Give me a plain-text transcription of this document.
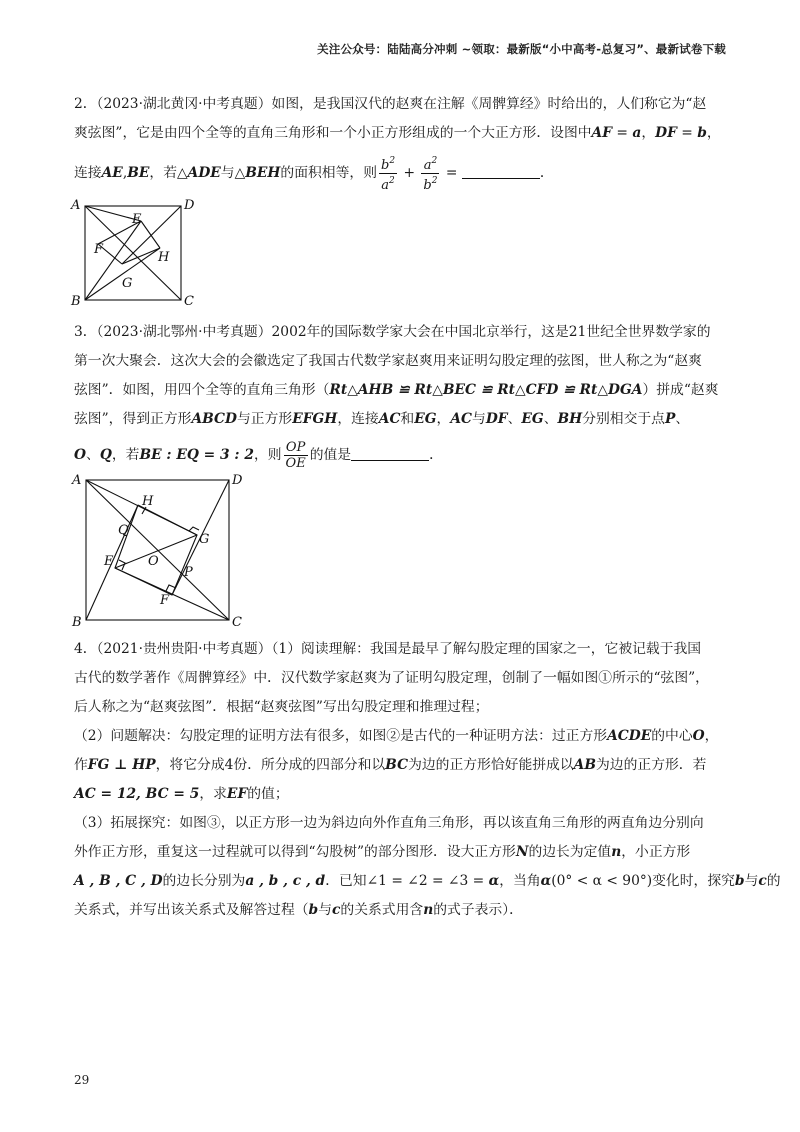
关注公众号：陆陆高分冲刺 ~领取：最新版“小中高考-总复习”、最新试卷下载

2．（2023·湖北黄冈·中考真题）如图，是我国汉代的赵爽在注解《周髀算经》时给出的，人们称它为“赵

爽弦图”，它是由四个全等的直角三角形和一个小正方形组成的一个大正方形．设图中AF = a，DF = b，

连接AE,BE，若△ADE与△BEH的面积相等，则 $\frac{b^2}{a^2} + \frac{a^2}{b^2}$ =	．

A	D
B	C
E
F
H
G

3．（2023·湖北鄂州·中考真题）2002年的国际数学家大会在中国北京举行，这是21世纪全世界数学家的

第一次大聚会．这次大会的会徽选定了我国古代数学家赵爽用来证明勾股定理的弦图，世人称之为“赵爽

弦图”．如图，用四个全等的直角三角形（Rt△AHB ≌ Rt△BEC ≌ Rt△CFD ≌ Rt△DGA）拼成“赵爽

弦图”，得到正方形ABCD与正方形EFGH，连接AC和EG，AC与DF、EG、BH分别相交于点P、

O、Q，若BE : EQ = 3 : 2，则 $\frac{OP}{OE}$ 的值是	．

A	D
B	C
H
Q
G
E	O
P
F

4．（2021·贵州贵阳·中考真题）（1）阅读理解：我国是最早了解勾股定理的国家之一，它被记载于我国

古代的数学著作《周髀算经》中．汉代数学家赵爽为了证明勾股定理，创制了一幅如图①所示的“弦图”，

后人称之为“赵爽弦图”．根据“赵爽弦图”写出勾股定理和推理过程；

（2）问题解决：勾股定理的证明方法有很多，如图②是古代的一种证明方法：过正方形ACDE的中心O，

作FG ⊥ HP，将它分成4份．所分成的四部分和以BC为边的正方形恰好能拼成以AB为边的正方形．若

AC = 12, BC = 5，求EF的值；

（3）拓展探究：如图③，以正方形一边为斜边向外作直角三角形，再以该直角三角形的两直角边分别向

外作正方形，重复这一过程就可以得到“勾股树”的部分图形．设大正方形N的边长为定值n，小正方形

A , B , C , D的边长分别为a , b , c , d．已知∠1 = ∠2 = ∠3 = α，当角α(0° < α < 90°)变化时，探究b与c的

关系式，并写出该关系式及解答过程（b与c的关系式用含n的式子表示）．

29
